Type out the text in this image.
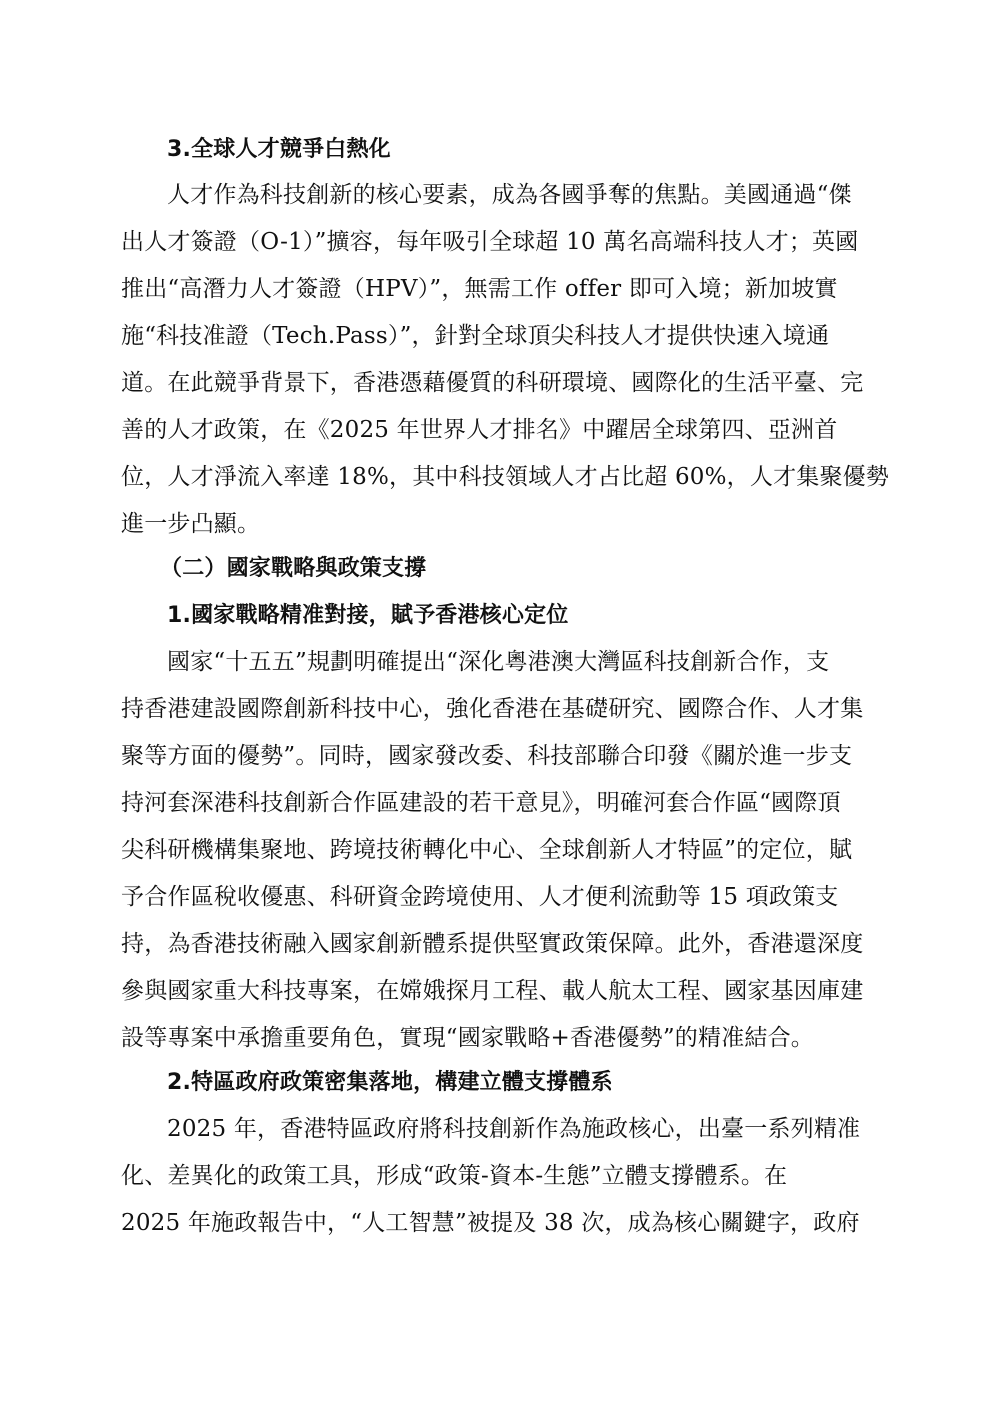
3.全球人才競爭白熱化
人才作為科技創新的核心要素，成為各國爭奪的焦點。美國通過“傑
出人才簽證（O-1）”擴容，每年吸引全球超 10 萬名高端科技人才；英國
推出“高潛力人才簽證（HPV）”，無需工作 offer 即可入境；新加坡實
施“科技准證（Tech.Pass）”，針對全球頂尖科技人才提供快速入境通
道。在此競爭背景下，香港憑藉優質的科研環境、國際化的生活平臺、完
善的人才政策，在《2025 年世界人才排名》中躍居全球第四、亞洲首
位，人才淨流入率達 18%，其中科技領域人才占比超 60%，人才集聚優勢
進一步凸顯。
（二）國家戰略與政策支撐
1.國家戰略精准對接，賦予香港核心定位
國家“十五五”規劃明確提出“深化粵港澳大灣區科技創新合作，支
持香港建設國際創新科技中心，強化香港在基礎研究、國際合作、人才集
聚等方面的優勢”。同時，國家發改委、科技部聯合印發《關於進一步支
持河套深港科技創新合作區建設的若干意見》，明確河套合作區“國際頂
尖科研機構集聚地、跨境技術轉化中心、全球創新人才特區”的定位，賦
予合作區稅收優惠、科研資金跨境使用、人才便利流動等 15 項政策支
持，為香港技術融入國家創新體系提供堅實政策保障。此外，香港還深度
參與國家重大科技專案，在嫦娥探月工程、載人航太工程、國家基因庫建
設等專案中承擔重要角色，實現“國家戰略+香港優勢”的精准結合。
2.特區政府政策密集落地，構建立體支撐體系
2025 年，香港特區政府將科技創新作為施政核心，出臺一系列精准
化、差異化的政策工具，形成“政策-資本-生態”立體支撐體系。在
2025 年施政報告中，“人工智慧”被提及 38 次，成為核心關鍵字，政府
